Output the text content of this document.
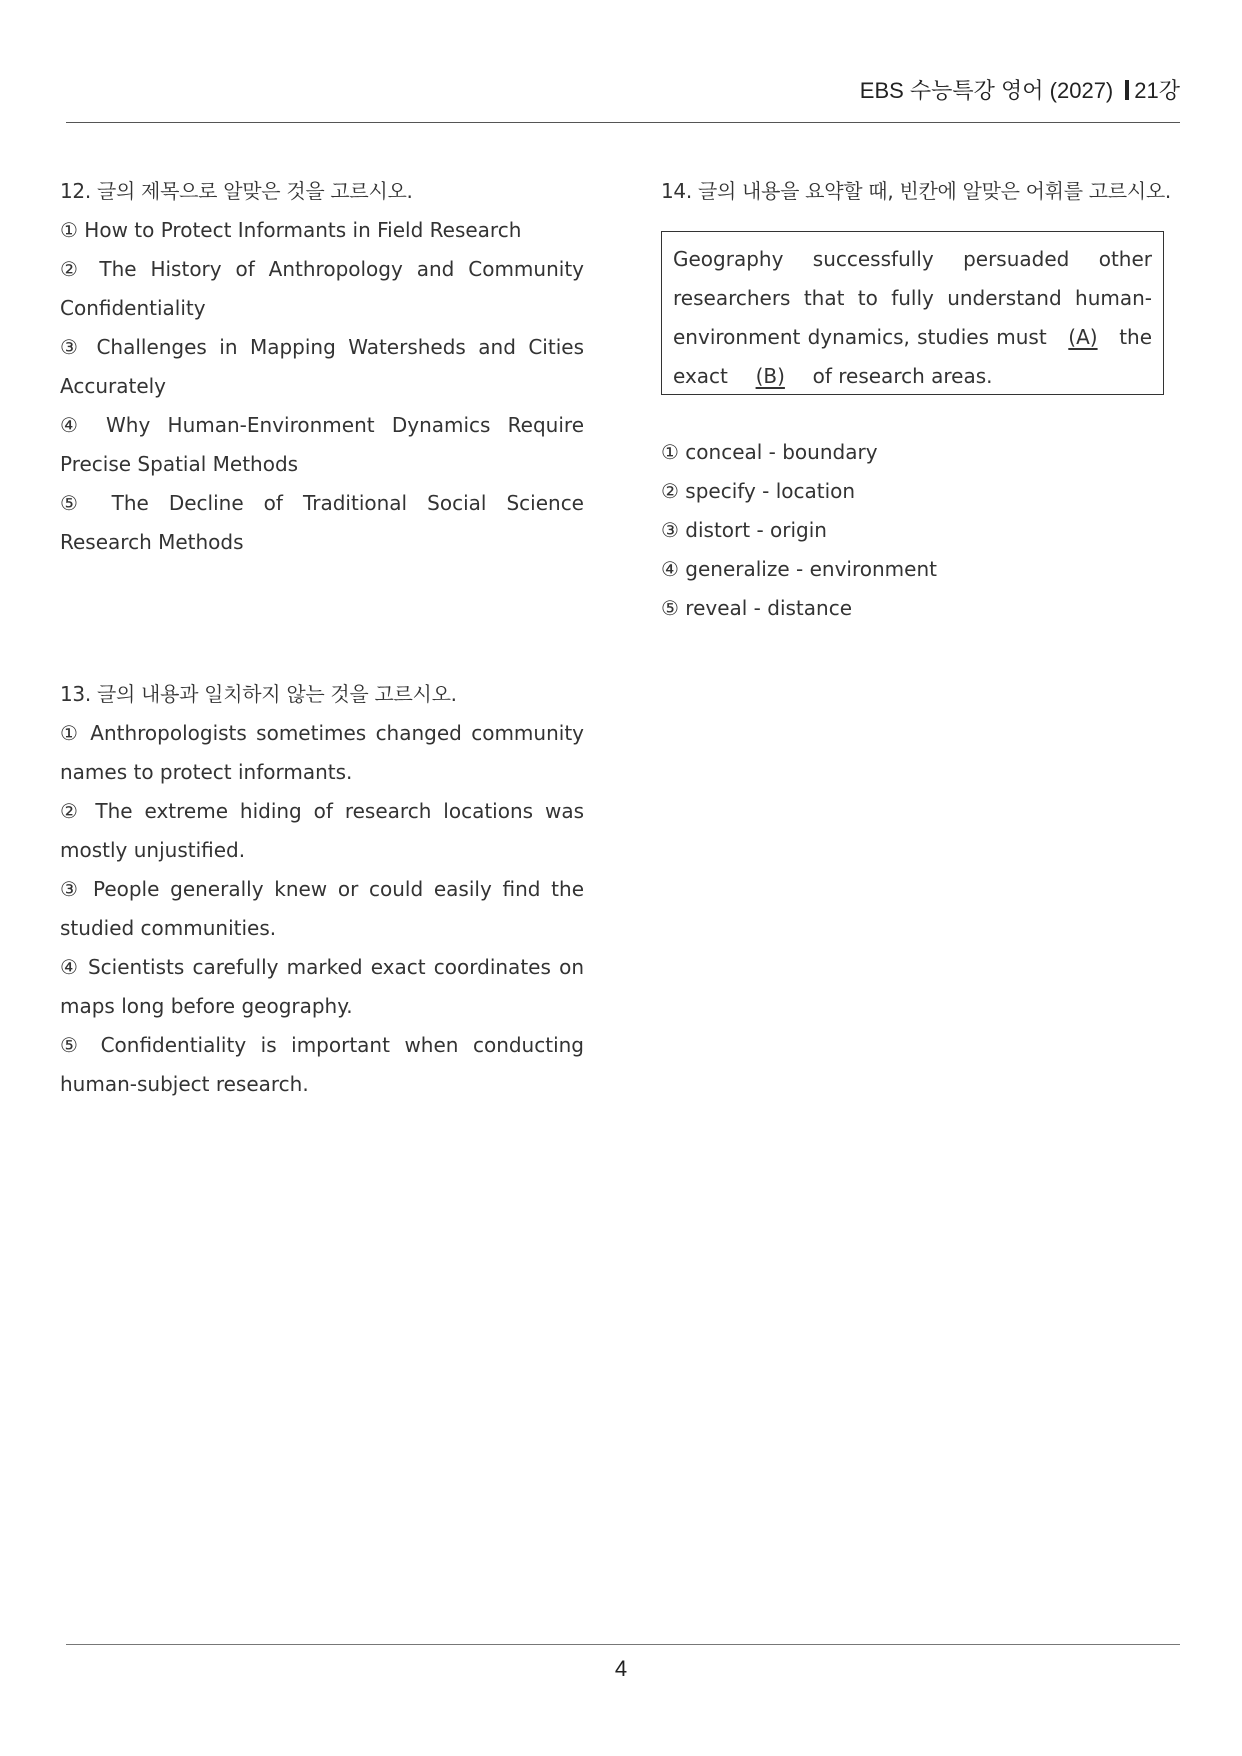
EBS 수능특강 영어 (2027) 21강
12. 글의 제목으로 알맞은 것을 고르시오.
① How to Protect Informants in Field Research
② The History of Anthropology and Community Confidentiality
③ Challenges in Mapping Watersheds and Cities Accurately
④ Why Human-Environment Dynamics Require Precise Spatial Methods
⑤ The Decline of Traditional Social Science Research Methods
13. 글의 내용과 일치하지 않는 것을 고르시오.
① Anthropologists sometimes changed community names to protect informants.
② The extreme hiding of research locations was mostly unjustified.
③ People generally knew or could easily find the studied communities.
④ Scientists carefully marked exact coordinates on maps long before geography.
⑤ Confidentiality is important when conducting human-subject research.
14. 글의 내용을 요약할 때, 빈칸에 알맞은 어휘를 고르시오.
Geography successfully persuaded other researchers that to fully understand human-environment dynamics, studies must (A) the exact (B) of research areas.
① conceal - boundary
② specify - location
③ distort - origin
④ generalize - environment
⑤ reveal - distance
4
